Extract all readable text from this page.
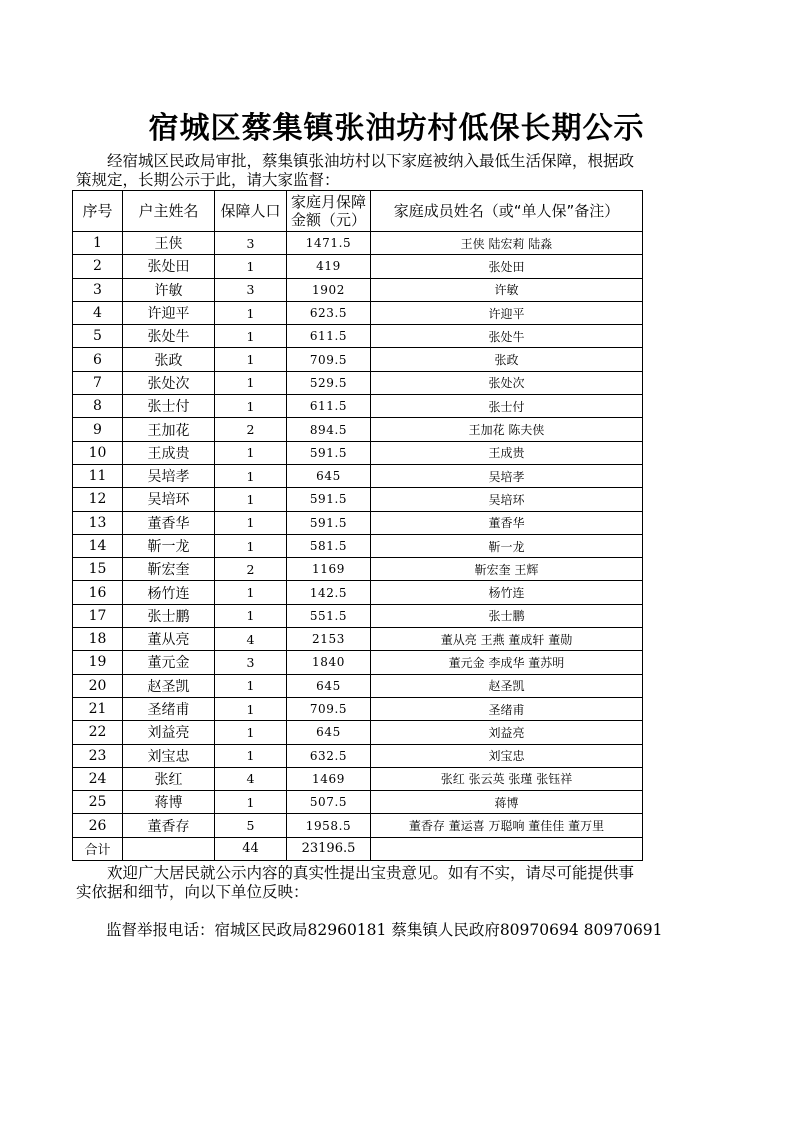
宿城区蔡集镇张油坊村低保长期公示

　　经宿城区民政局审批，蔡集镇张油坊村以下家庭被纳入最低生活保障，根据政策规定，长期公示于此，请大家监督：

序号	户主姓名	保障人口	家庭月保障金额（元）	家庭成员姓名（或“单人保”备注）
1	王侠	3	1471.5	王侠 陆宏莉 陆淼
2	张处田	1	419	张处田
3	许敏	3	1902	许敏
4	许迎平	1	623.5	许迎平
5	张处牛	1	611.5	张处牛
6	张政	1	709.5	张政
7	张处次	1	529.5	张处次
8	张士付	1	611.5	张士付
9	王加花	2	894.5	王加花 陈夫侠
10	王成贵	1	591.5	王成贵
11	吴培孝	1	645	吴培孝
12	吴培环	1	591.5	吴培环
13	董香华	1	591.5	董香华
14	靳一龙	1	581.5	靳一龙
15	靳宏奎	2	1169	靳宏奎 王辉
16	杨竹连	1	142.5	杨竹连
17	张士鹏	1	551.5	张士鹏
18	董从亮	4	2153	董从亮 王燕 董成轩 董勋
19	董元金	3	1840	董元金 李成华 董苏明
20	赵圣凯	1	645	赵圣凯
21	圣绪甫	1	709.5	圣绪甫
22	刘益亮	1	645	刘益亮
23	刘宝忠	1	632.5	刘宝忠
24	张红	4	1469	张红 张云英 张瑾 张钰祥
25	蒋博	1	507.5	蒋博
26	董香存	5	1958.5	董香存 董运喜 万聪响 董佳佳 董万里
合计		44	23196.5	

　　欢迎广大居民就公示内容的真实性提出宝贵意见。如有不实，请尽可能提供事实依据和细节，向以下单位反映：

监督举报电话：宿城区民政局82960181 蔡集镇人民政府80970694 80970691
